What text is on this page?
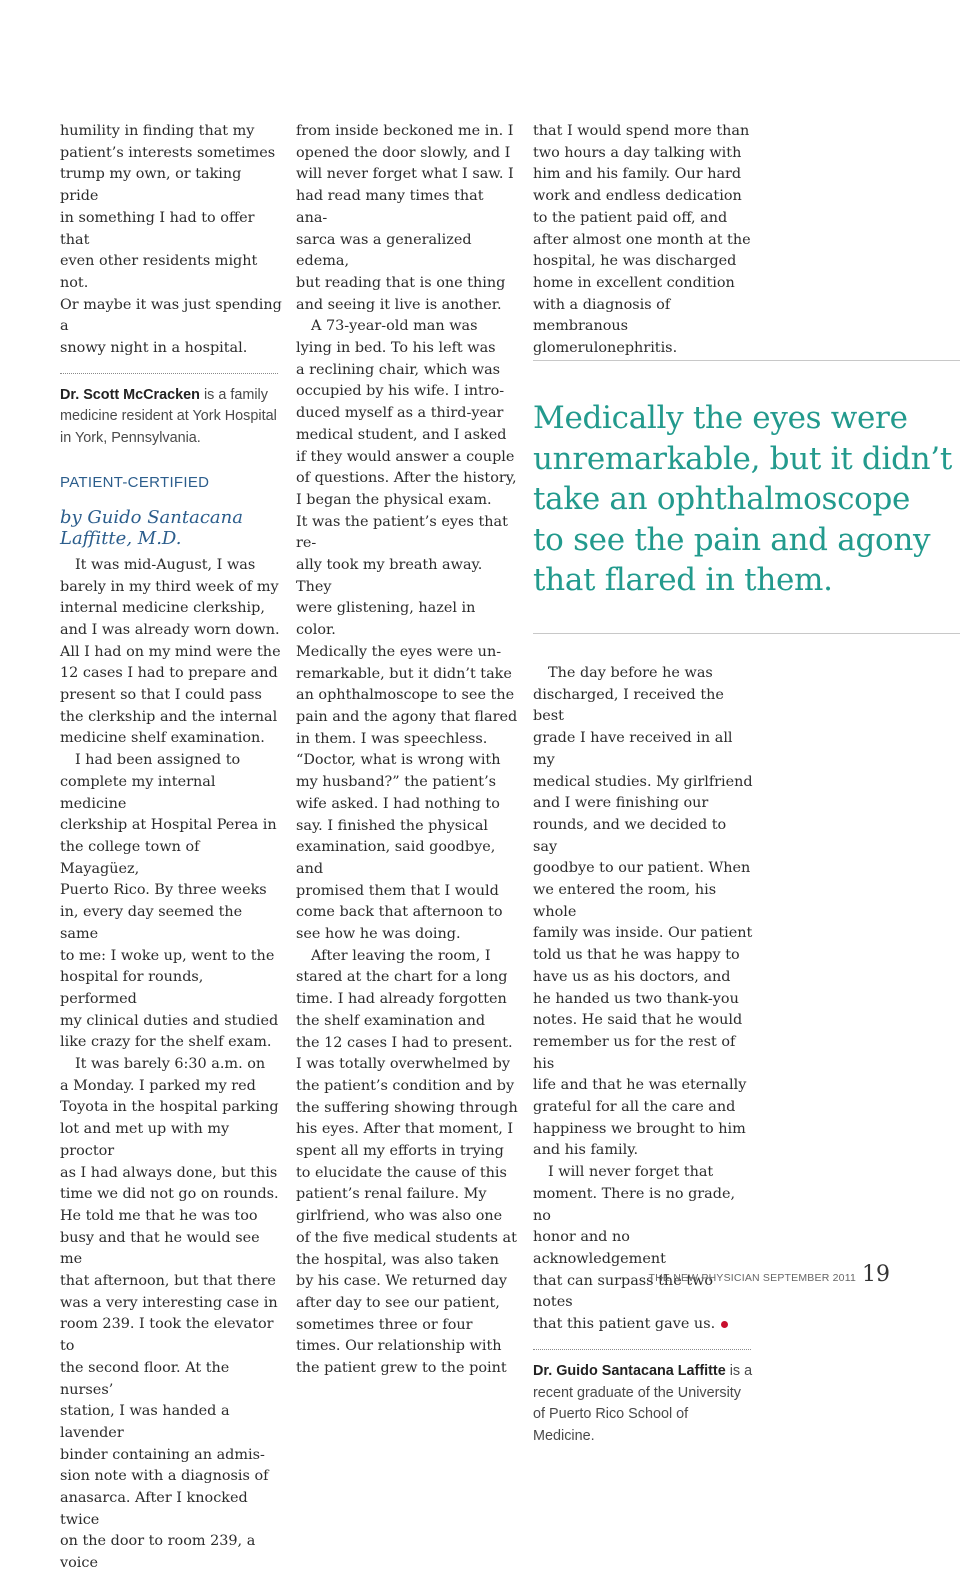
humility in finding that my
patient’s interests sometimes
trump my own, or taking pride
in something I had to offer that
even other residents might not.
Or maybe it was just spending a
snowy night in a hospital.

Dr. Scott McCracken is a family
medicine resident at York Hospital
in York, Pennsylvania.

PATIENT-CERTIFIED
by Guido Santacana
Laffitte, M.D.

It was mid-August, I was
barely in my third week of my
internal medicine clerkship,
and I was already worn down.
All I had on my mind were the
12 cases I had to prepare and
present so that I could pass
the clerkship and the internal
medicine shelf examination.

I had been assigned to
complete my internal medicine
clerkship at Hospital Perea in
the college town of Mayagüez,
Puerto Rico. By three weeks
in, every day seemed the same
to me: I woke up, went to the
hospital for rounds, performed
my clinical duties and studied
like crazy for the shelf exam.

It was barely 6:30 a.m. on
a Monday. I parked my red
Toyota in the hospital parking
lot and met up with my proctor
as I had always done, but this
time we did not go on rounds.
He told me that he was too
busy and that he would see me
that afternoon, but that there
was a very interesting case in
room 239. I took the elevator to
the second floor. At the nurses’
station, I was handed a lavender
binder containing an admis-
sion note with a diagnosis of
anasarca. After I knocked twice
on the door to room 239, a voice

from inside beckoned me in. I
opened the door slowly, and I
will never forget what I saw. I
had read many times that ana-
sarca was a generalized edema,
but reading that is one thing
and seeing it live is another.

A 73-year-old man was
lying in bed. To his left was
a reclining chair, which was
occupied by his wife. I intro-
duced myself as a third-year
medical student, and I asked
if they would answer a couple
of questions. After the history,
I began the physical exam.
It was the patient’s eyes that re-
ally took my breath away. They
were glistening, hazel in color.
Medically the eyes were un-
remarkable, but it didn’t take
an ophthalmoscope to see the
pain and the agony that flared
in them. I was speechless.
“Doctor, what is wrong with
my husband?” the patient’s
wife asked. I had nothing to
say. I finished the physical
examination, said goodbye, and
promised them that I would
come back that afternoon to
see how he was doing.

After leaving the room, I
stared at the chart for a long
time. I had already forgotten
the shelf examination and
the 12 cases I had to present.
I was totally overwhelmed by
the patient’s condition and by
the suffering showing through
his eyes. After that moment, I
spent all my efforts in trying
to elucidate the cause of this
patient’s renal failure. My
girlfriend, who was also one
of the five medical students at
the hospital, was also taken
by his case. We returned day
after day to see our patient,
sometimes three or four
times. Our relationship with
the patient grew to the point

that I would spend more than
two hours a day talking with
him and his family. Our hard
work and endless dedication
to the patient paid off, and
after almost one month at the
hospital, he was discharged
home in excellent condition
with a diagnosis of membranous
glomerulonephritis.

Medically the eyes were
unremarkable, but it didn’t
take an ophthalmoscope
to see the pain and agony
that flared in them.

The day before he was
discharged, I received the best
grade I have received in all my
medical studies. My girlfriend
and I were finishing our
rounds, and we decided to say
goodbye to our patient. When
we entered the room, his whole
family was inside. Our patient
told us that he was happy to
have us as his doctors, and
he handed us two thank-you
notes. He said that he would
remember us for the rest of his
life and that he was eternally
grateful for all the care and
happiness we brought to him
and his family.

I will never forget that
moment. There is no grade, no
honor and no acknowledgement
that can surpass the two notes
that this patient gave us.

Dr. Guido Santacana Laffitte is a
recent graduate of the University
of Puerto Rico School of Medicine.

THE NEW PHYSICIAN SEPTEMBER 2011 19
